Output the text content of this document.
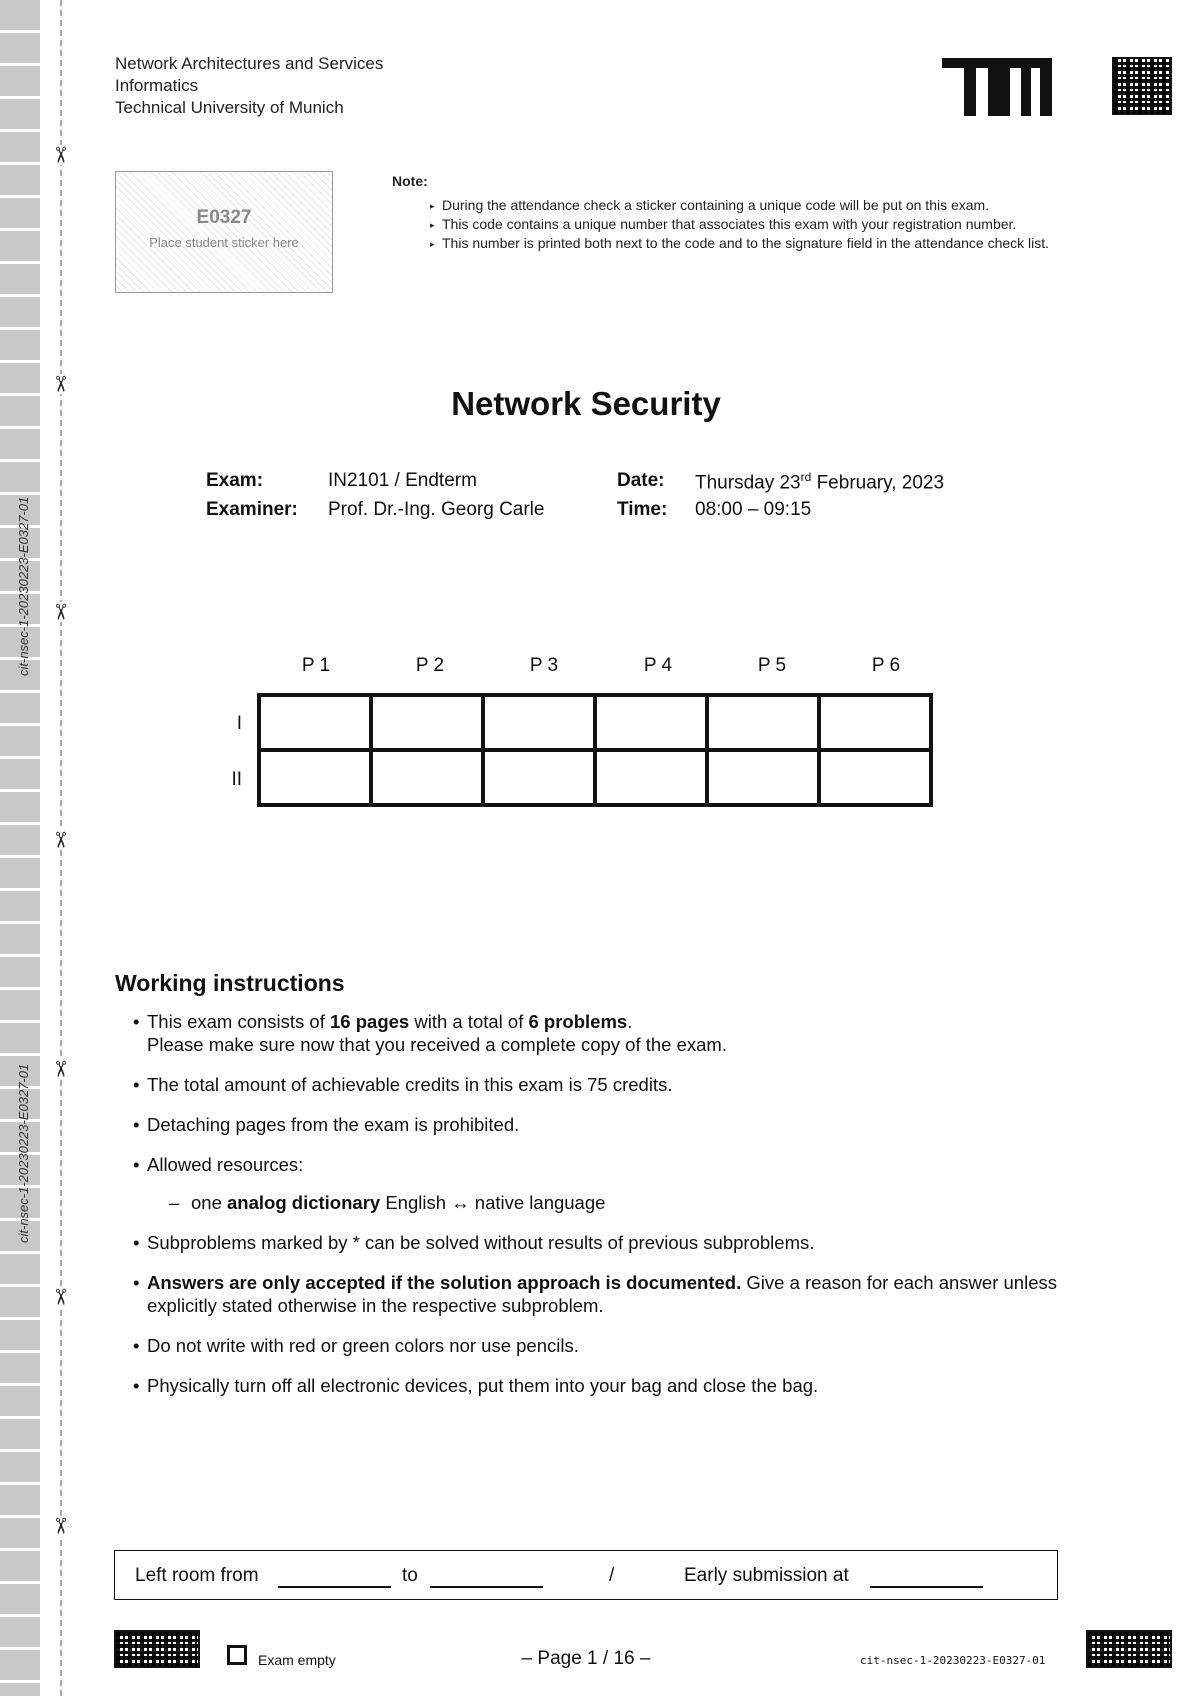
✂
✂
✂
✂
✂
✂
✂
cit-nsec-1-20230223-E0327-01
cit-nsec-1-20230223-E0327-01
Network Architectures and Services
Informatics
Technical University of Munich
E0327
Place student sticker here
Note:
▸ During the attendance check a sticker containing a unique code will be put on this exam.
▸ This code contains a unique number that associates this exam with your registration number.
▸ This number is printed both next to the code and to the signature field in the attendance check list.
Network Security
Exam:	IN2101 / Endterm
Examiner: Prof. Dr.-Ing. Georg Carle
Date: Thursday 23rd February, 2023
Time: 08:00 – 09:15
P 1	P 2	P 3	P 4	P 5	P 6
I
II

Working instructions
• This exam consists of 16 pages with a total of 6 problems.
Please make sure now that you received a complete copy of the exam.
• The total amount of achievable credits in this exam is 75 credits.
• Detaching pages from the exam is prohibited.
• Allowed resources:
– one analog dictionary English ↔ native language
• Subproblems marked by * can be solved without results of previous subproblems.
• Answers are only accepted if the solution approach is documented. Give a reason for each answer unless explicitly stated otherwise in the respective subproblem.
• Do not write with red or green colors nor use pencils.
• Physically turn off all electronic devices, put them into your bag and close the bag.
Left room from	to	/	Early submission at
Exam empty	– Page 1 / 16 –	cit-nsec-1-20230223-E0327-01
